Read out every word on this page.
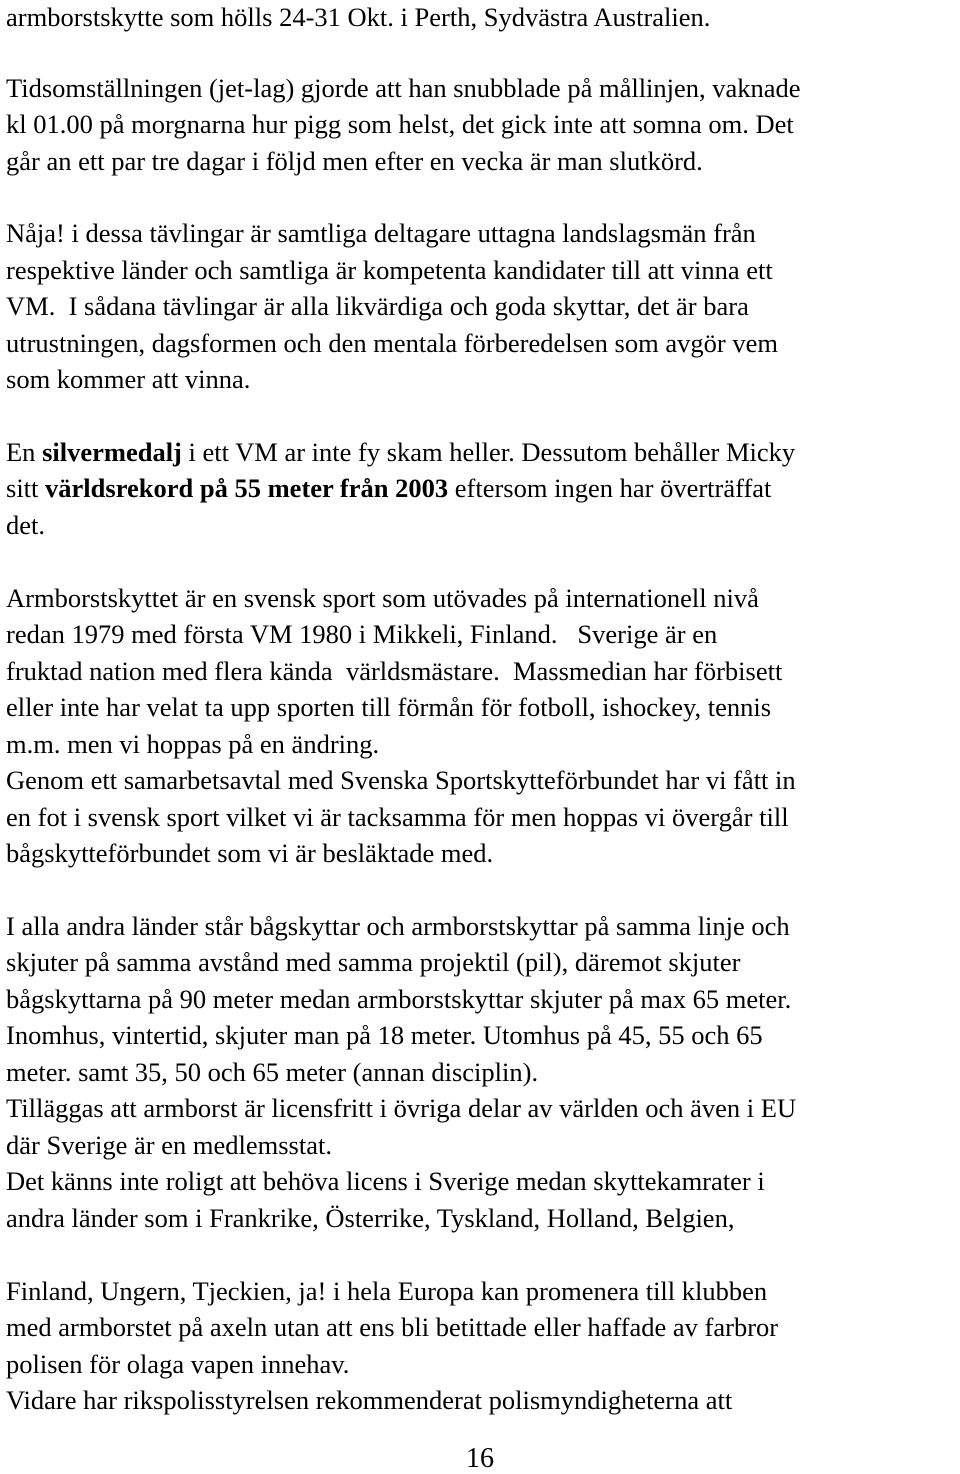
armborstskytte som hölls 24-31 Okt. i Perth, Sydvästra Australien.
Tidsomställningen (jet-lag) gjorde att han snubblade på mållinjen, vaknade
kl 01.00 på morgnarna hur pigg som helst, det gick inte att somna om. Det
går an ett par tre dagar i följd men efter en vecka är man slutkörd.
Nåja! i dessa tävlingar är samtliga deltagare uttagna landslagsmän från
respektive länder och samtliga är kompetenta kandidater till att vinna ett
VM.  I sådana tävlingar är alla likvärdiga och goda skyttar, det är bara
utrustningen, dagsformen och den mentala förberedelsen som avgör vem
som kommer att vinna.
En silvermedalj i ett VM ar inte fy skam heller. Dessutom behåller Micky
sitt världsrekord på 55 meter från 2003 eftersom ingen har överträffat
det.
Armborstskyttet är en svensk sport som utövades på internationell nivå
redan 1979 med första VM 1980 i Mikkeli, Finland.   Sverige är en
fruktad nation med flera kända  världsmästare.  Massmedian har förbisett
eller inte har velat ta upp sporten till förmån för fotboll, ishockey, tennis
m.m. men vi hoppas på en ändring.
Genom ett samarbetsavtal med Svenska Sportskytteförbundet har vi fått in
en fot i svensk sport vilket vi är tacksamma för men hoppas vi övergår till
bågskytteförbundet som vi är besläktade med.
I alla andra länder står bågskyttar och armborstskyttar på samma linje och
skjuter på samma avstånd med samma projektil (pil), däremot skjuter
bågskyttarna på 90 meter medan armborstskyttar skjuter på max 65 meter.
Inomhus, vintertid, skjuter man på 18 meter. Utomhus på 45, 55 och 65
meter. samt 35, 50 och 65 meter (annan disciplin).
Tilläggas att armborst är licensfritt i övriga delar av världen och även i EU
där Sverige är en medlemsstat.
Det känns inte roligt att behöva licens i Sverige medan skyttekamrater i
andra länder som i Frankrike, Österrike, Tyskland, Holland, Belgien,
Finland, Ungern, Tjeckien, ja! i hela Europa kan promenera till klubben
med armborstet på axeln utan att ens bli betittade eller haffade av farbror
polisen för olaga vapen innehav.
Vidare har rikspolisstyrelsen rekommenderat polismyndigheterna att
16
